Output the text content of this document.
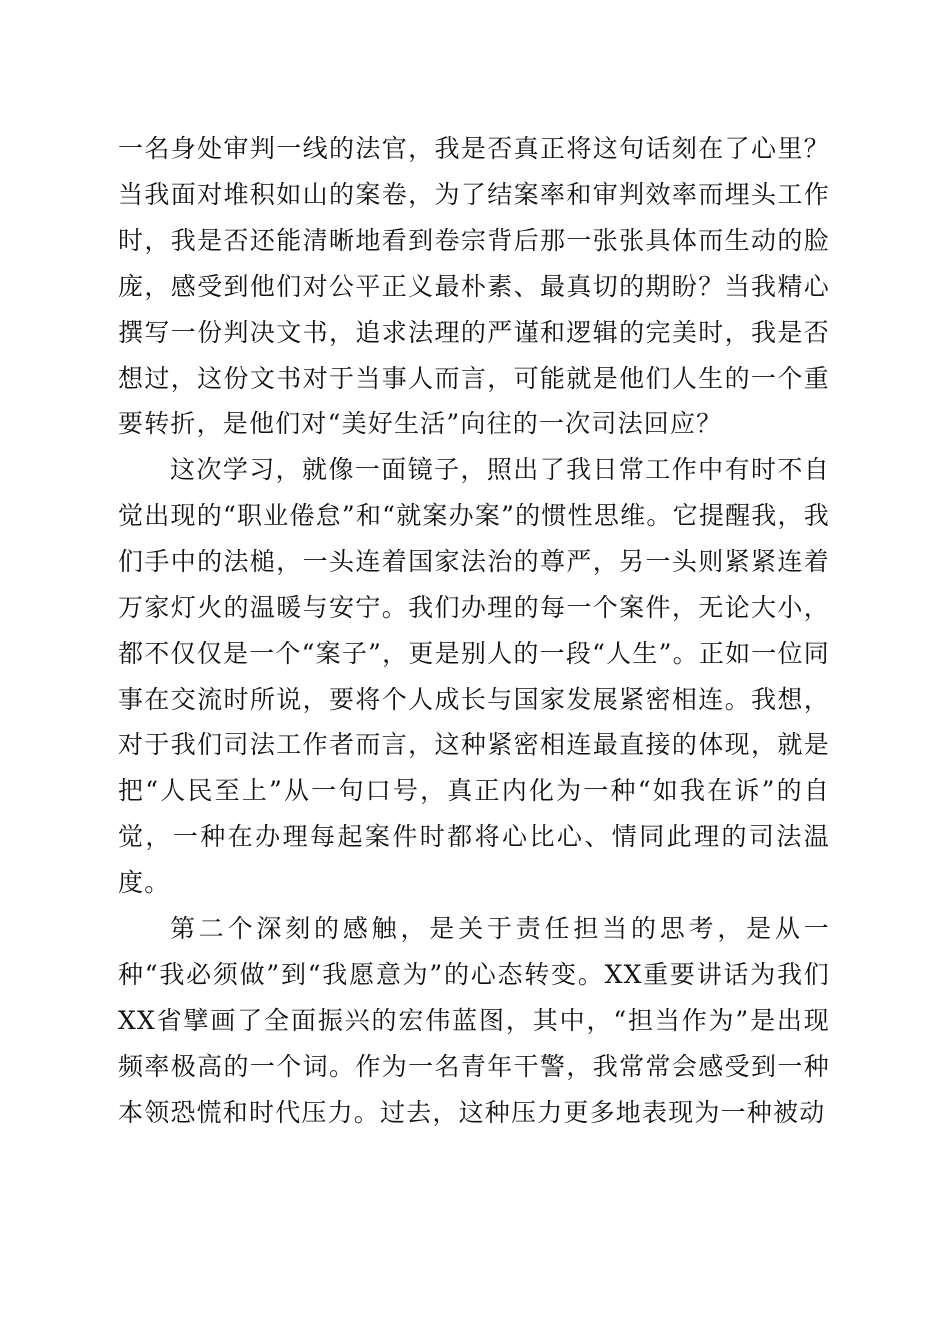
一名身处审判一线的法官，我是否真正将这句话刻在了心里？当我面对堆积如山的案卷，为了结案率和审判效率而埋头工作时，我是否还能清晰地看到卷宗背后那一张张具体而生动的脸庞，感受到他们对公平正义最朴素、最真切的期盼？当我精心撰写一份判决文书，追求法理的严谨和逻辑的完美时，我是否想过，这份文书对于当事人而言，可能就是他们人生的一个重要转折，是他们对“美好生活”向往的一次司法回应？

这次学习，就像一面镜子，照出了我日常工作中有时不自觉出现的“职业倦怠”和“就案办案”的惯性思维。它提醒我，我们手中的法槌，一头连着国家法治的尊严，另一头则紧紧连着万家灯火的温暖与安宁。我们办理的每一个案件，无论大小，都不仅仅是一个“案子”，更是别人的一段“人生”。正如一位同事在交流时所说，要将个人成长与国家发展紧密相连。我想，对于我们司法工作者而言，这种紧密相连最直接的体现，就是把“人民至上”从一句口号，真正内化为一种“如我在诉”的自觉，一种在办理每起案件时都将心比心、情同此理的司法温度。

第二个深刻的感触，是关于责任担当的思考，是从一种“我必须做”到“我愿意为”的心态转变。XX重要讲话为我们XX省擘画了全面振兴的宏伟蓝图，其中，“担当作为”是出现频率极高的一个词。作为一名青年干警，我常常会感受到一种本领恐慌和时代压力。过去，这种压力更多地表现为一种被动
